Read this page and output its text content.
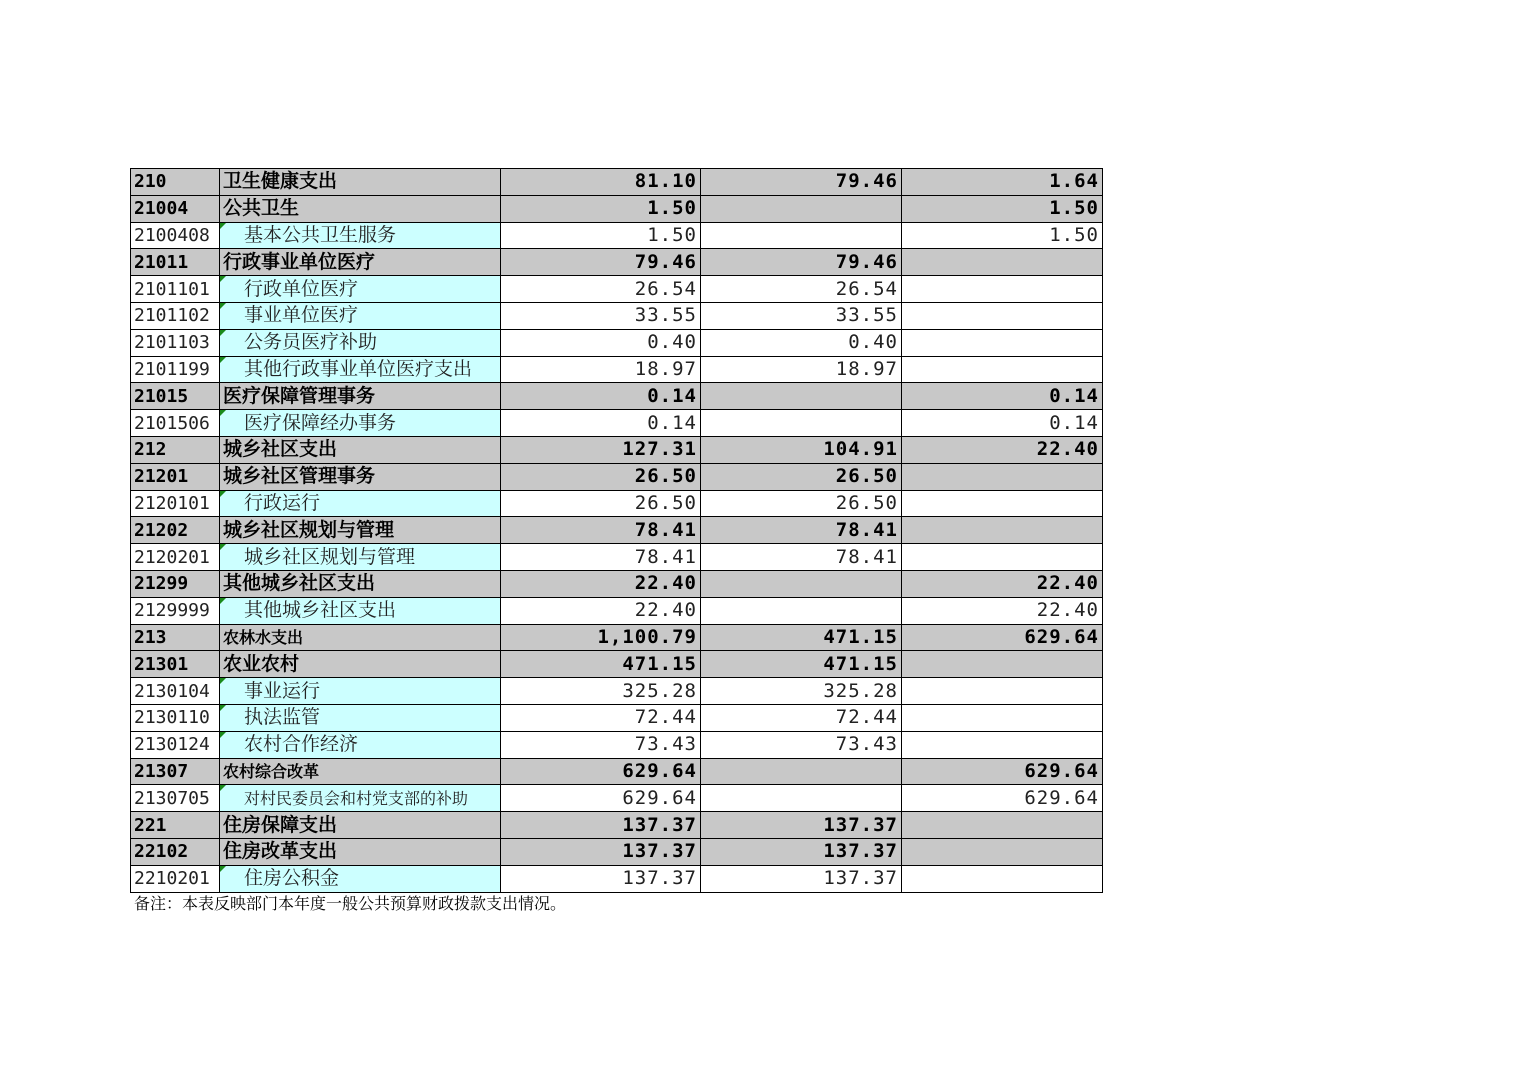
210	卫生健康支出	81.10	79.46	1.64
21004	公共卫生	1.50		1.50
2100408	基本公共卫生服务	1.50		1.50
21011	行政事业单位医疗	79.46	79.46	
2101101	行政单位医疗	26.54	26.54	
2101102	事业单位医疗	33.55	33.55	
2101103	公务员医疗补助	0.40	0.40	
2101199	其他行政事业单位医疗支出	18.97	18.97	
21015	医疗保障管理事务	0.14		0.14
2101506	医疗保障经办事务	0.14		0.14
212	城乡社区支出	127.31	104.91	22.40
21201	城乡社区管理事务	26.50	26.50	
2120101	行政运行	26.50	26.50	
21202	城乡社区规划与管理	78.41	78.41	
2120201	城乡社区规划与管理	78.41	78.41	
21299	其他城乡社区支出	22.40		22.40
2129999	其他城乡社区支出	22.40		22.40
213	农林水支出	1,100.79	471.15	629.64
21301	农业农村	471.15	471.15	
2130104	事业运行	325.28	325.28	
2130110	执法监管	72.44	72.44	
2130124	农村合作经济	73.43	73.43	
21307	农村综合改革	629.64		629.64
2130705	对村民委员会和村党支部的补助	629.64		629.64
221	住房保障支出	137.37	137.37	
22102	住房改革支出	137.37	137.37	
2210201	住房公积金	137.37	137.37	
备注：本表反映部门本年度一般公共预算财政拨款支出情况。
